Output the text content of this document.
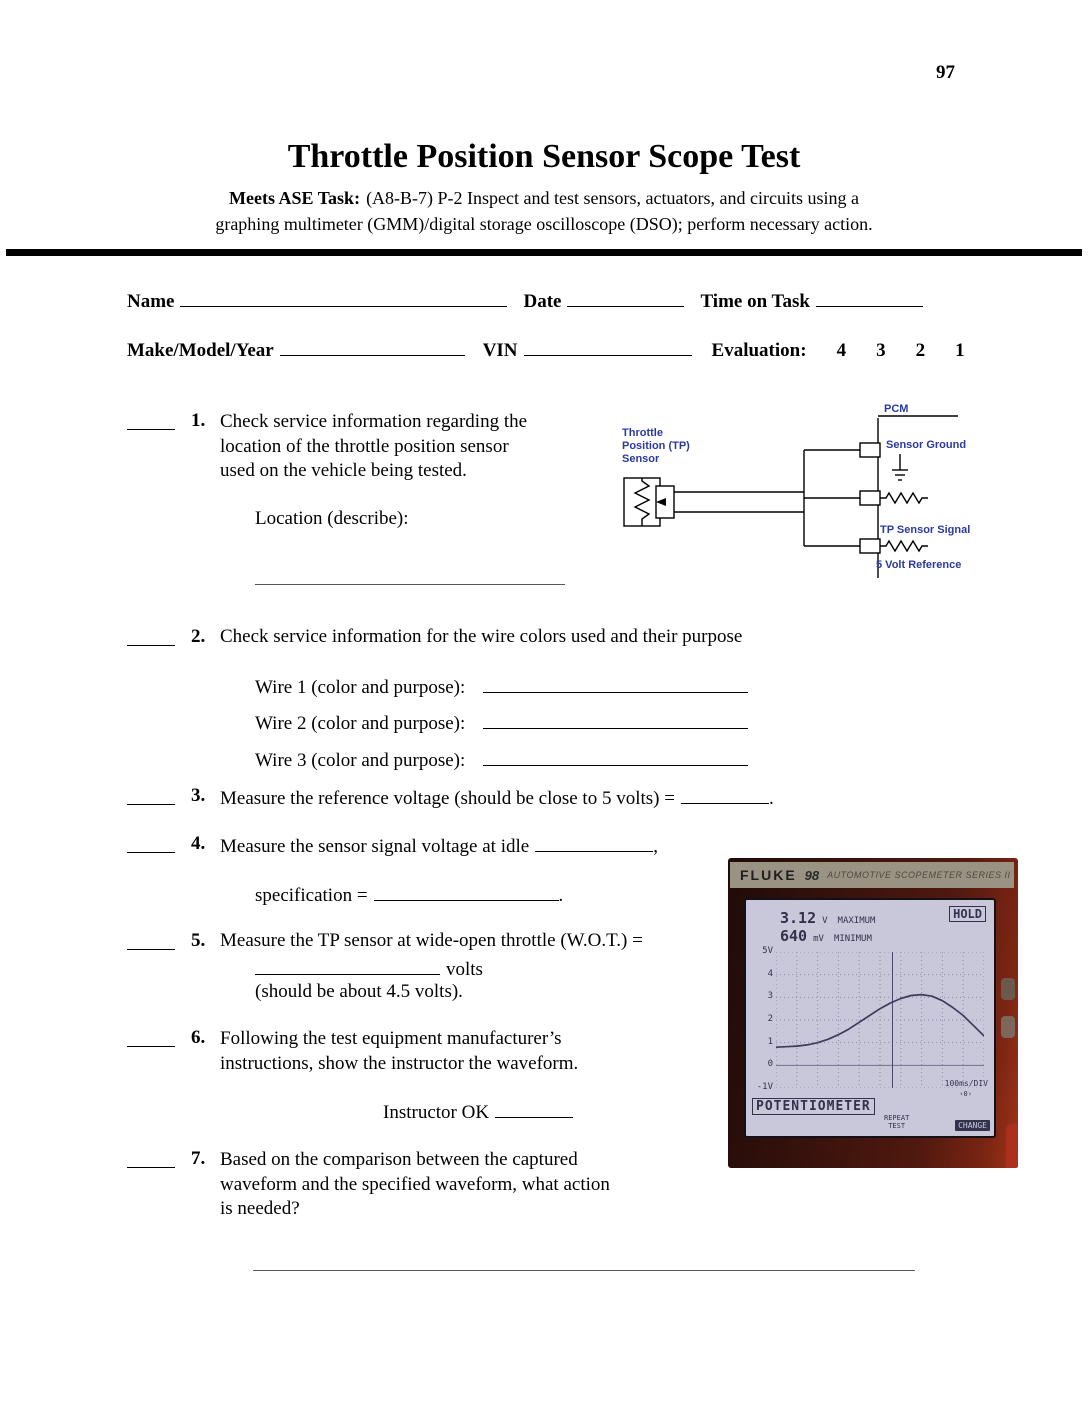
97
Throttle Position Sensor Scope Test
Meets ASE Task: (A8-B-7) P-2 Inspect and test sensors, actuators, and circuits using a
graphing multimeter (GMM)/digital storage oscilloscope (DSO); perform necessary action.
Name	Date	Time on Task
Make/Model/Year	VIN	Evaluation: 4 3 2 1
1. Check service information regarding the
location of the throttle position sensor
used on the vehicle being tested.
Location (describe):
Throttle
Position (TP)
Sensor
PCM
Sensor Ground
TP Sensor Signal
5 Volt Reference
2. Check service information for the wire colors used and their purpose
Wire 1 (color and purpose):
Wire 2 (color and purpose):
Wire 3 (color and purpose):
3. Measure the reference voltage (should be close to 5 volts) =	.
4. Measure the sensor signal voltage at idle	,
specification =	.
5. Measure the TP sensor at wide-open throttle (W.O.T.) =
volts
(should be about 4.5 volts).
6. Following the test equipment manufacturer’s
instructions, show the instructor the waveform.
Instructor OK
7. Based on the comparison between the captured
waveform and the specified waveform, what action
is needed?
FLUKE 98 AUTOMOTIVE SCOPEMETER SERIES II
3.12 V MAXIMUM
640 mV MINIMUM
HOLD
5V
4
3
2
1
0
-1V	100ms/DIV
‹0›
POTENTIOMETER
REPEAT
TEST	CHANGE
